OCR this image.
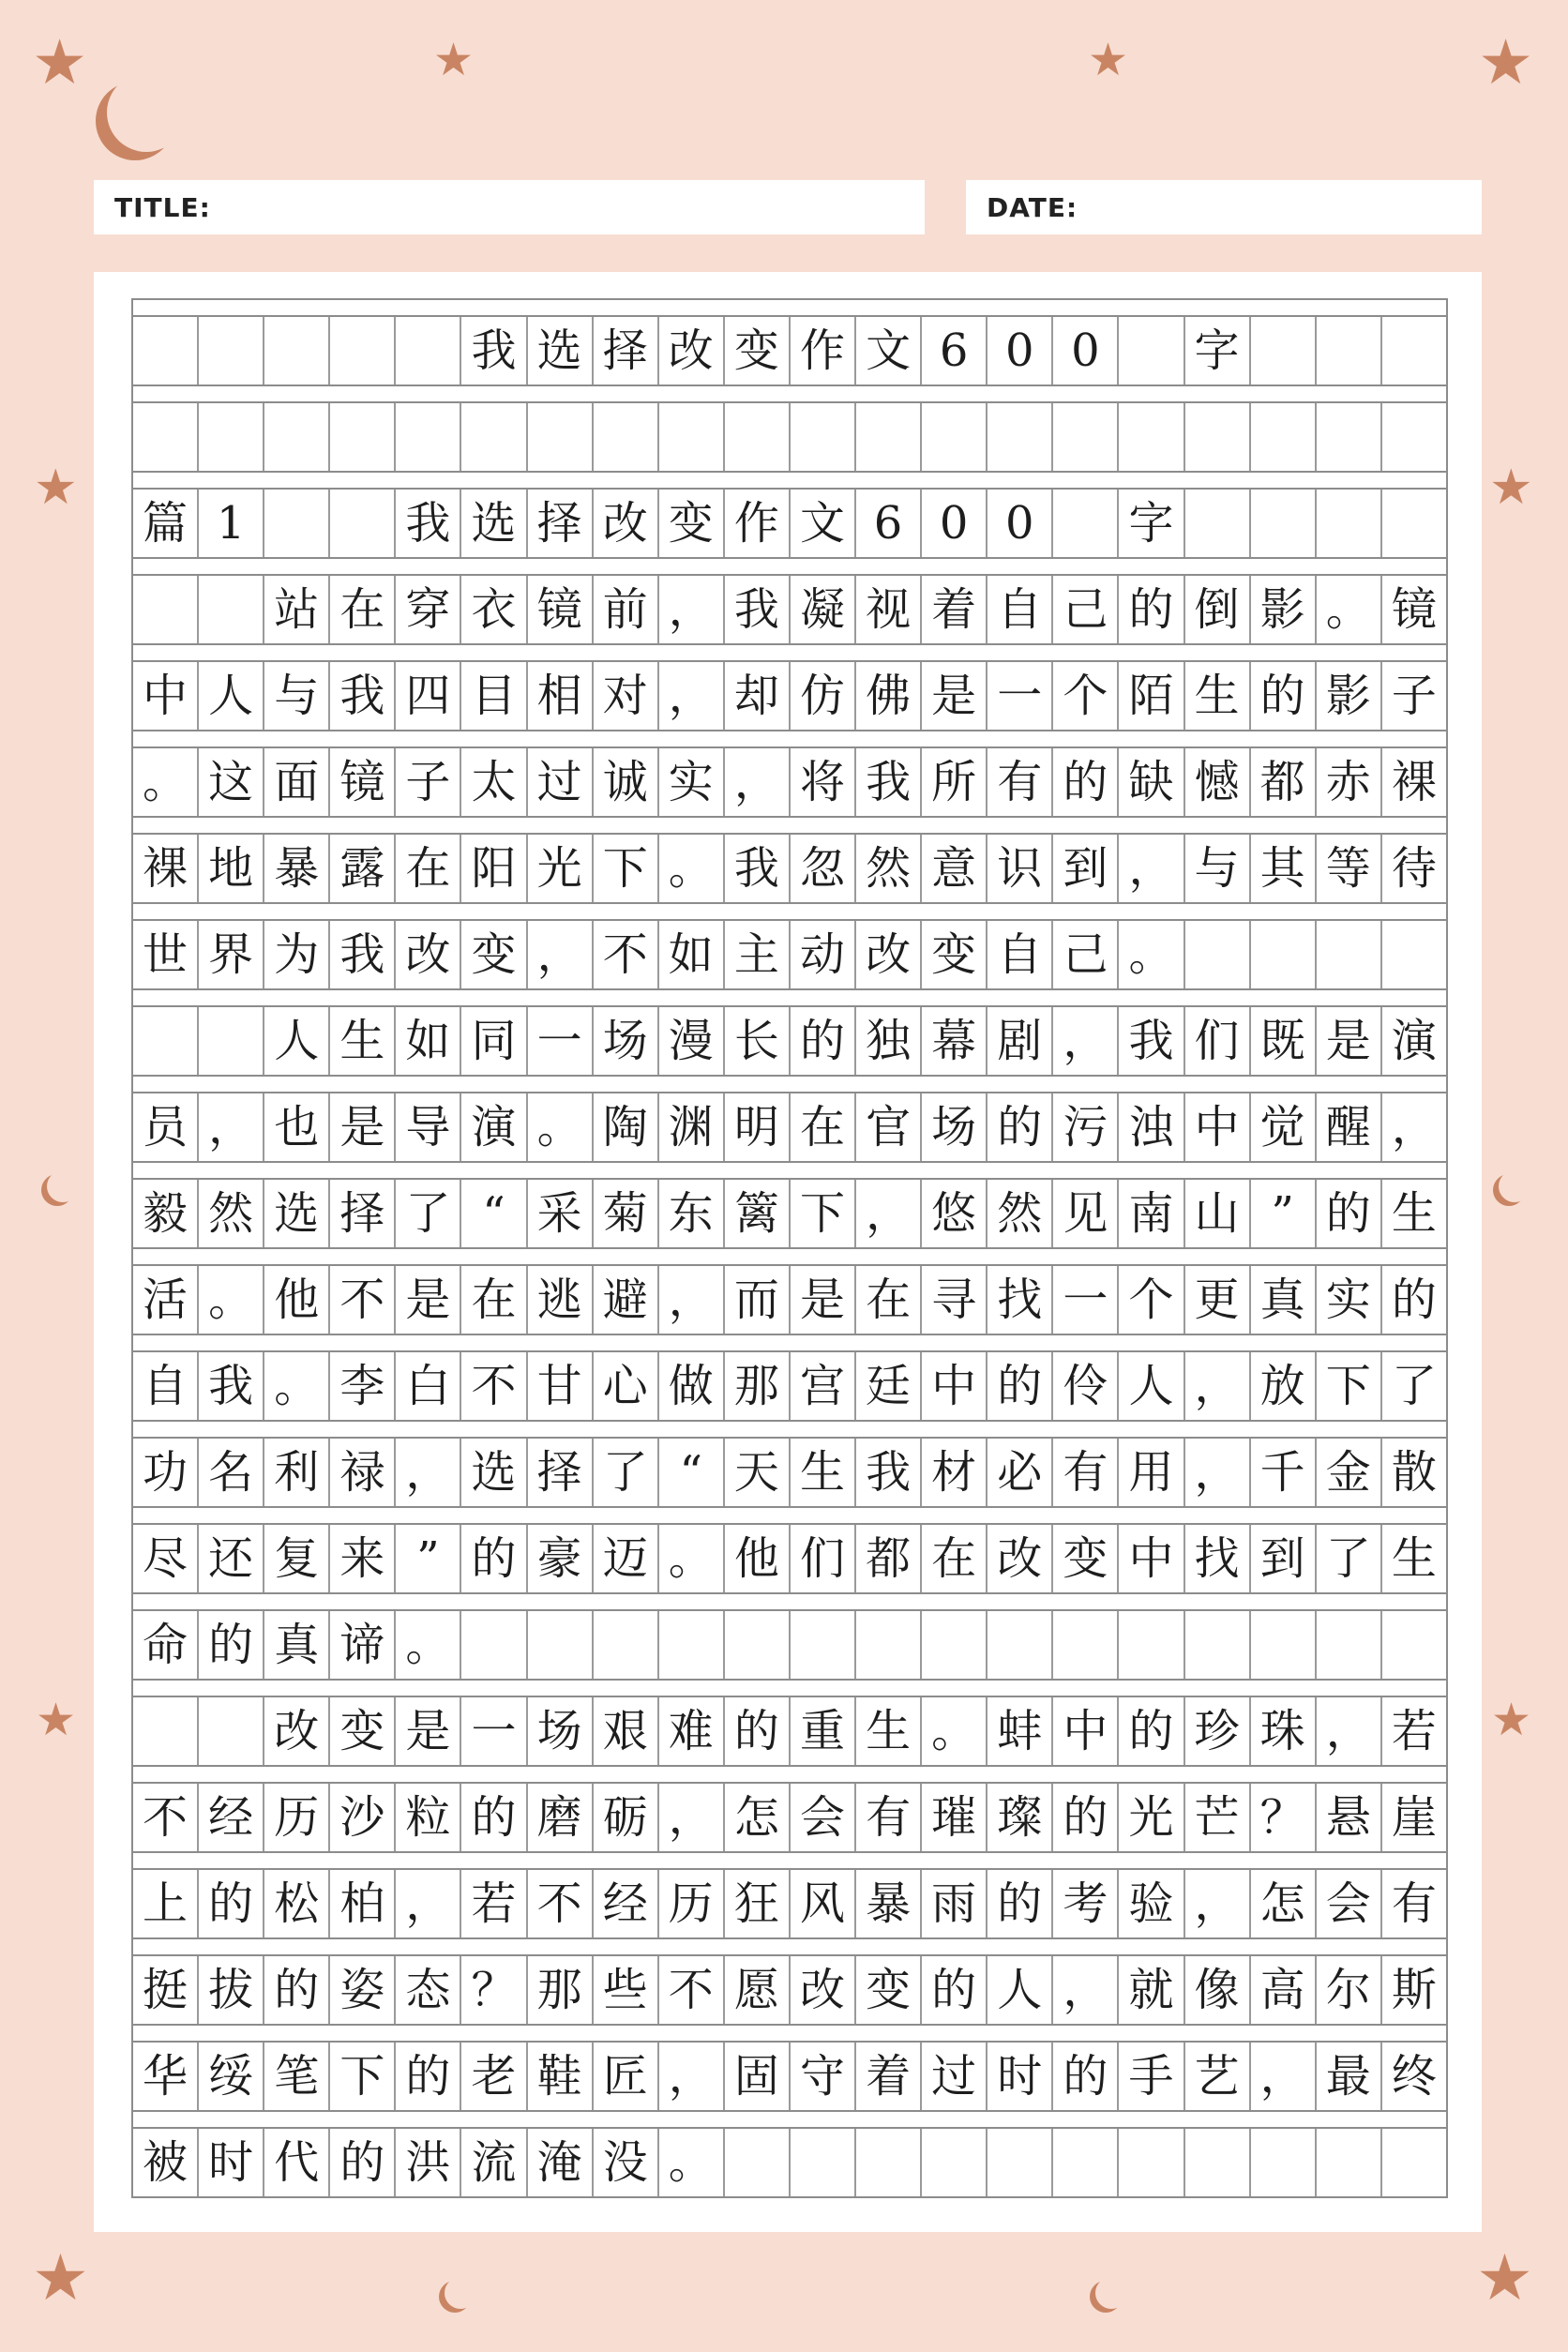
★	★	★	★
★	★
★	★
★	★
TITLE:	DATE:
我 选 择 改 变 作 文 6 0 0	字
篇 1	我 选 择 改 变 作 文 6 0 0	字
站 在 穿 衣 镜 前 ， 我 凝 视 着 自 己 的 倒 影 。 镜
中 人 与 我 四 目 相 对 ， 却 仿 佛 是 一 个 陌 生 的 影 子
。 这 面 镜 子 太 过 诚 实 ， 将 我 所 有 的 缺 憾 都 赤 裸
裸 地 暴 露 在 阳 光 下 。 我 忽 然 意 识 到 ， 与 其 等 待
世 界 为 我 改 变 ， 不 如 主 动 改 变 自 己 。
人 生 如 同 一 场 漫 长 的 独 幕 剧 ， 我 们 既 是 演
员 ， 也 是 导 演 。 陶 渊 明 在 官 场 的 污 浊 中 觉 醒 ，
毅 然 选 择 了 “ 采 菊 东 篱 下 ， 悠 然 见 南 山 ” 的 生
活 。 他 不 是 在 逃 避 ， 而 是 在 寻 找 一 个 更 真 实 的
自 我 。 李 白 不 甘 心 做 那 宫 廷 中 的 伶 人 ， 放 下 了
功 名 利 禄 ， 选 择 了 “ 天 生 我 材 必 有 用 ， 千 金 散
尽 还 复 来 ” 的 豪 迈 。 他 们 都 在 改 变 中 找 到 了 生
命 的 真 谛 。
改 变 是 一 场 艰 难 的 重 生 。 蚌 中 的 珍 珠 ， 若
不 经 历 沙 粒 的 磨 砺 ， 怎 会 有 璀 璨 的 光 芒 ？ 悬 崖
上 的 松 柏 ， 若 不 经 历 狂 风 暴 雨 的 考 验 ， 怎 会 有
挺 拔 的 姿 态 ？ 那 些 不 愿 改 变 的 人 ， 就 像 高 尔 斯
华 绥 笔 下 的 老 鞋 匠 ， 固 守 着 过 时 的 手 艺 ， 最 终
被 时 代 的 洪 流 淹 没 。
